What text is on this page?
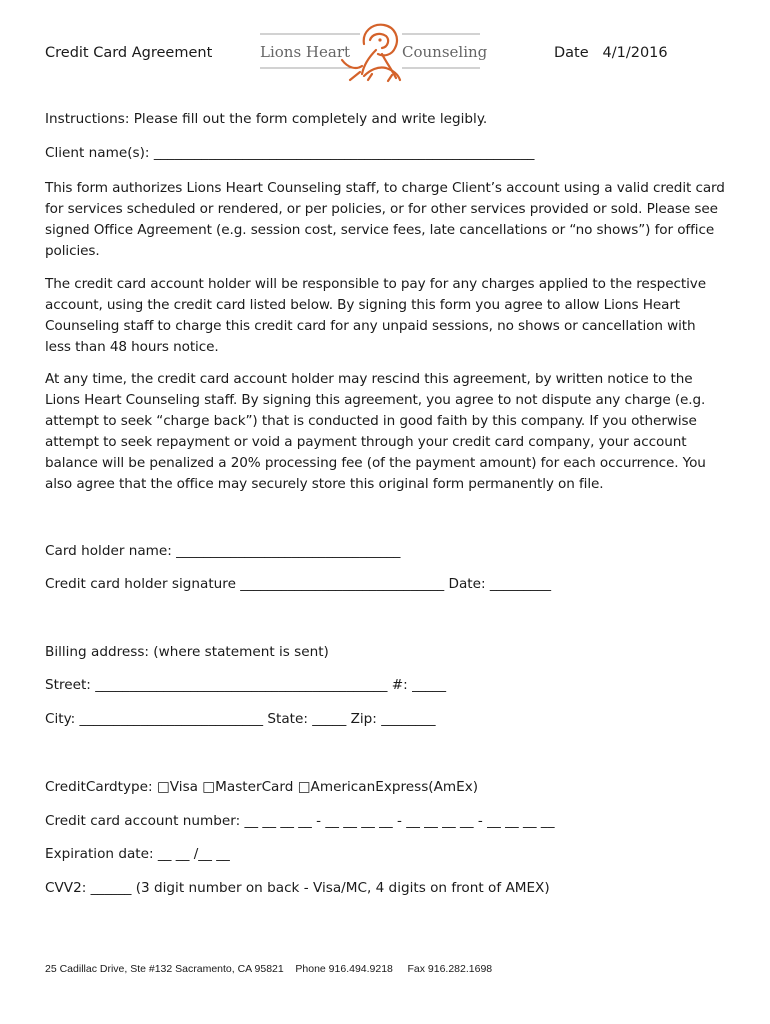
Credit Card Agreement	Lions Heart	Counseling	Date 4/1/2016
Instructions: Please fill out the form completely and write legibly.
Client name(s): ________________________________________________________
This form authorizes Lions Heart Counseling staff, to charge Client’s account using a valid credit card for services scheduled or rendered, or per policies, or for other services provided or sold. Please see signed Office Agreement (e.g. session cost, service fees, late cancellations or “no shows”) for office policies.
The credit card account holder will be responsible to pay for any charges applied to the respective account, using the credit card listed below. By signing this form you agree to allow Lions Heart Counseling staff to charge this credit card for any unpaid sessions, no shows or cancellation with less than 48 hours notice.
At any time, the credit card account holder may rescind this agreement, by written notice to the Lions Heart Counseling staff. By signing this agreement, you agree to not dispute any charge (e.g. attempt to seek “charge back”) that is conducted in good faith by this company. If you otherwise attempt to seek repayment or void a payment through your credit card company, your account balance will be penalized a 20% processing fee (of the payment amount) for each occurrence. You also agree that the office may securely store this original form permanently on file.
Card holder name: _________________________________
Credit card holder signature ______________________________ Date: _________
Billing address: (where statement is sent)
Street: ___________________________________________ #: _____
City: ___________________________ State: _____ Zip: ________
CreditCardtype: □Visa □MasterCard □AmericanExpress(AmEx)
Credit card account number: __ __ __ __ - __ __ __ __ - __ __ __ __ - __ __ __ __
Expiration date: __ __ /__ __
CVV2: ______ (3 digit number on back - Visa/MC, 4 digits on front of AMEX)
25 Cadillac Drive, Ste #132 Sacramento, CA 95821    Phone 916.494.9218     Fax 916.282.1698
